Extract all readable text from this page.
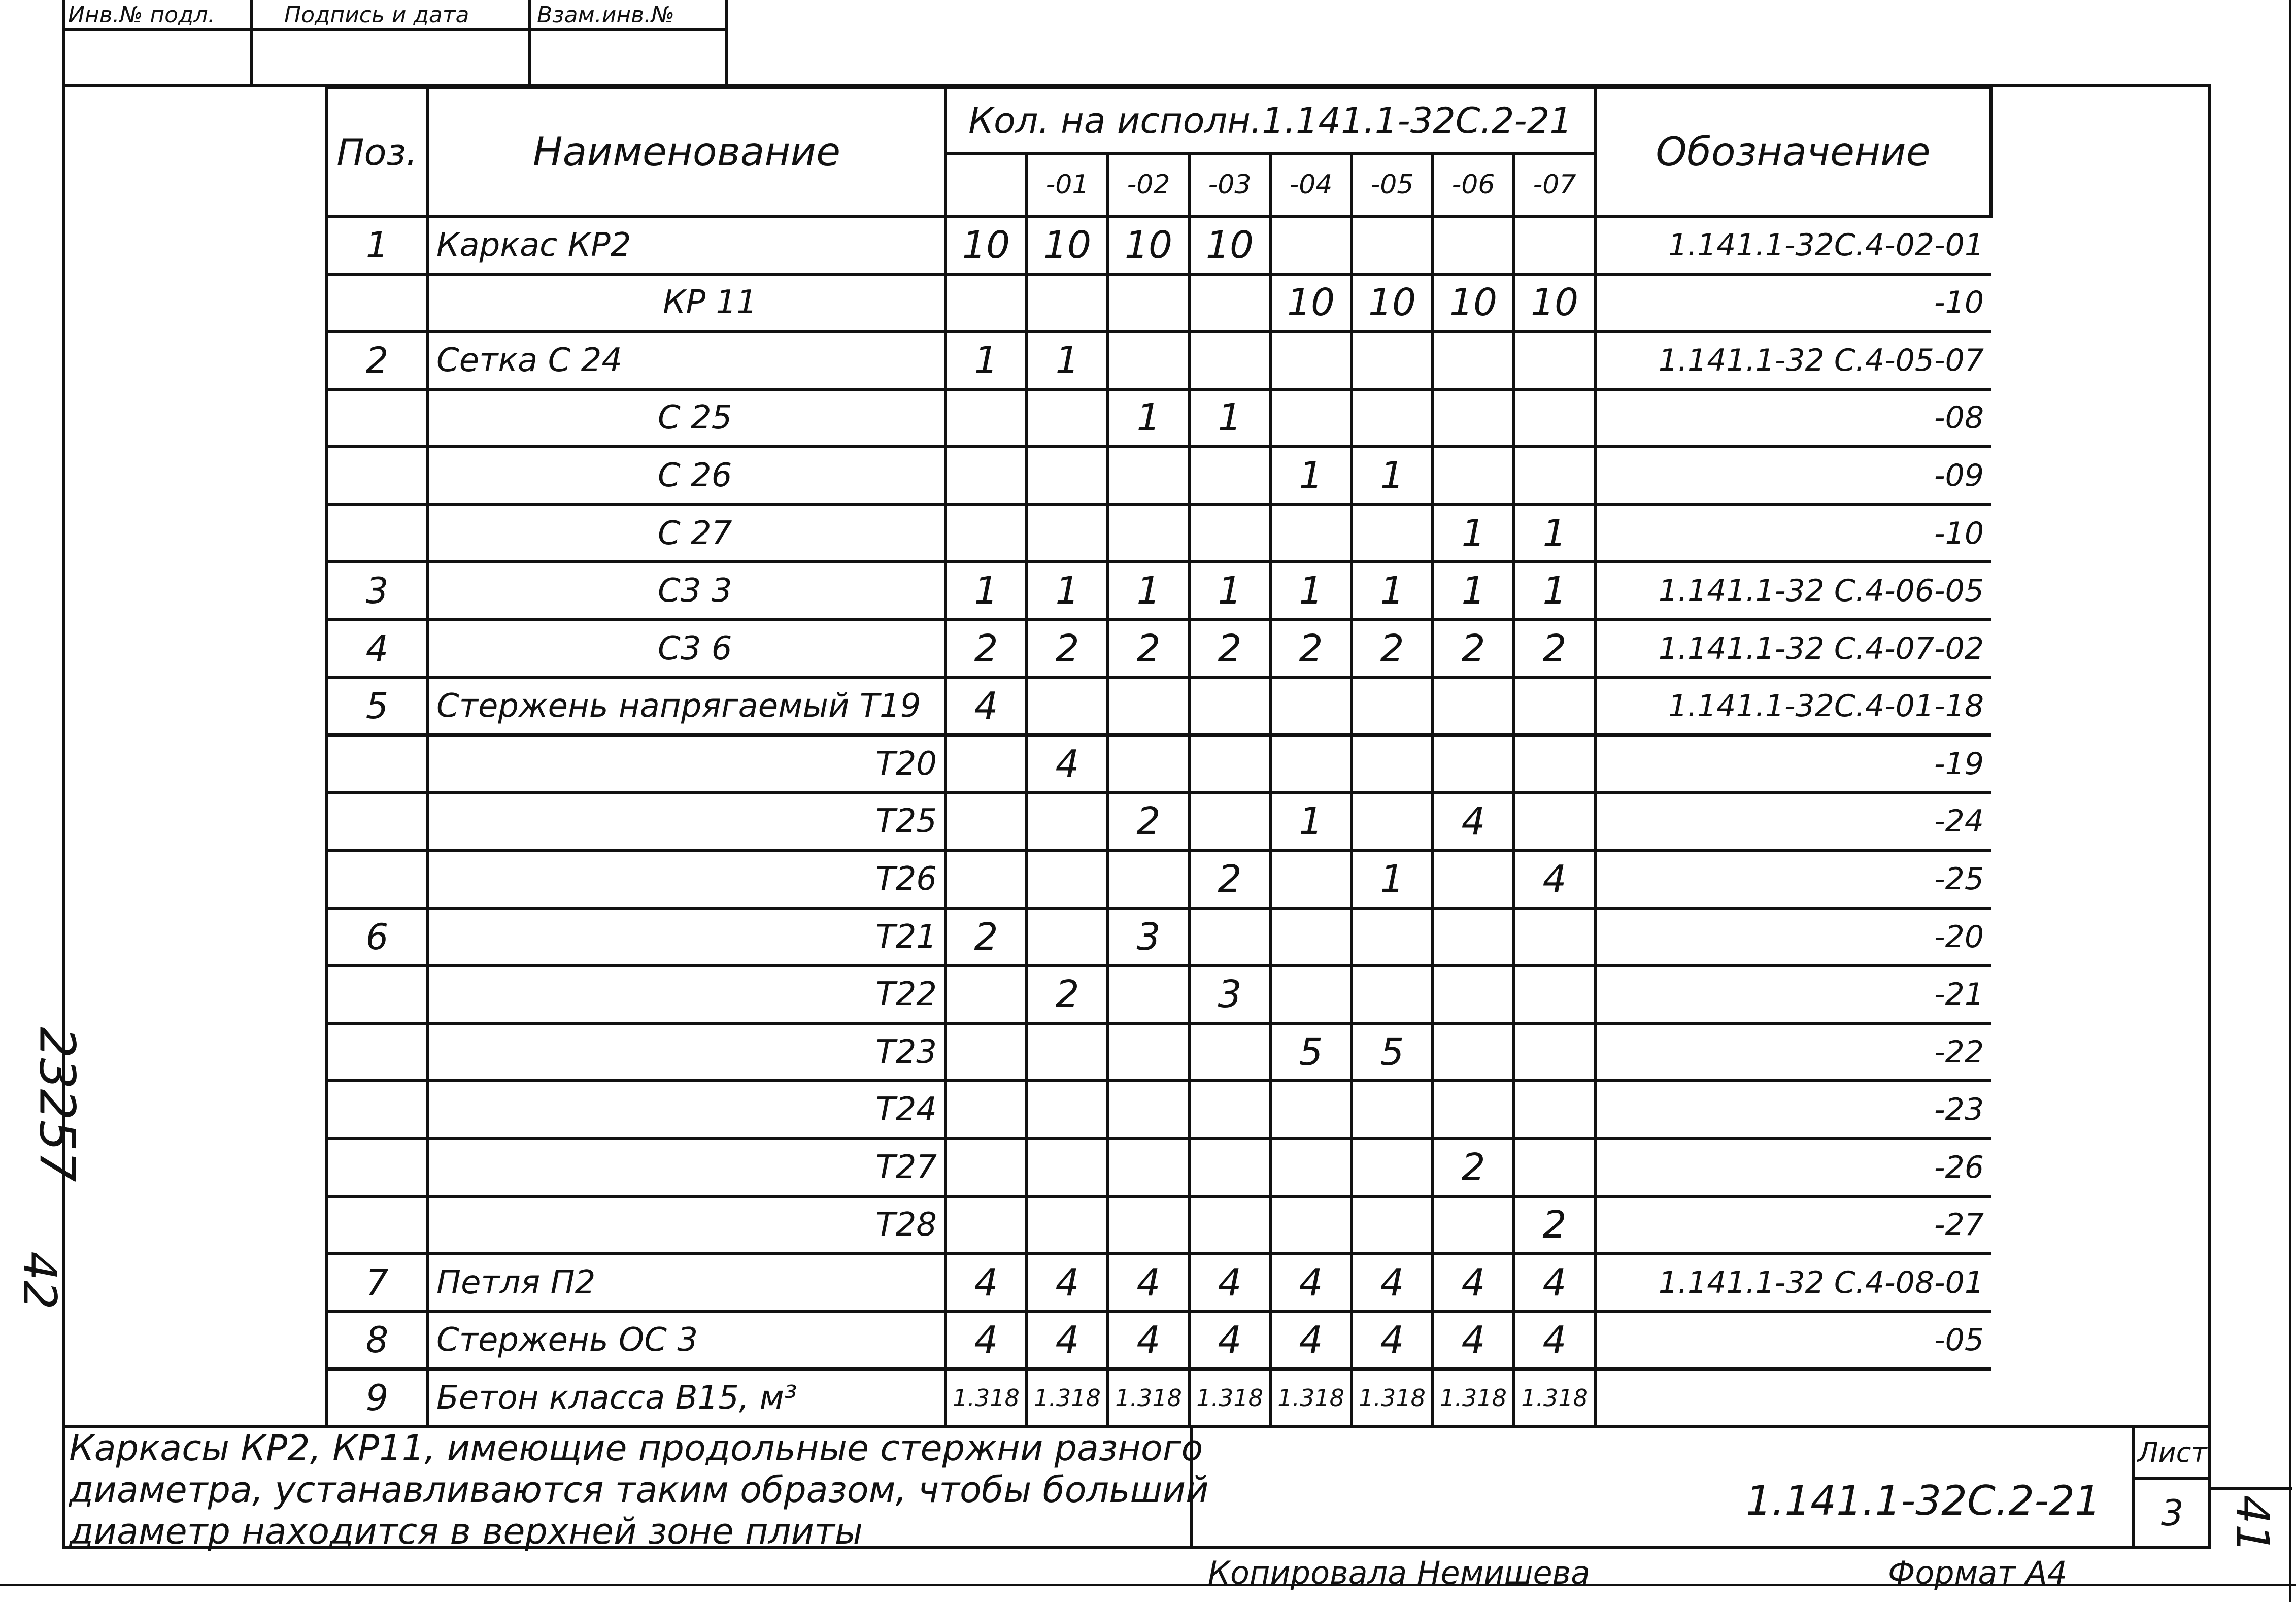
Инв.№ подл.	Подпись и дата	Взам.инв.№
23257
42
Поз.	Наименование	Кол. на исполн.1.141.1-32С.2-21								Обозначение
			-01	-02	-03	-04	-05	-06	-07	
1	Каркас КР2	10	10	10	10					1.141.1-32С.4-02-01
	КР 11					10	10	10	10	-10
2	Сетка С 24	1	1							1.141.1-32 С.4-05-07
	С 25			1	1					-08
	С 26					1	1			-09
	С 27							1	1	-10
3	С3 3	1	1	1	1	1	1	1	1	1.141.1-32 С.4-06-05
4	С3 6	2	2	2	2	2	2	2	2	1.141.1-32 С.4-07-02
5	Стержень напрягаемый Т19	4								1.141.1-32С.4-01-18
	Т20		4							-19
	Т25			2		1		4		-24
	Т26				2		1		4	-25
6	Т21	2		3						-20
	Т22		2		3					-21
	Т23					5	5			-22
	Т24									-23
	Т27							2		-26
	Т28								2	-27
7	Петля П2	4	4	4	4	4	4	4	4	1.141.1-32 С.4-08-01
8	Стержень ОС 3	4	4	4	4	4	4	4	4	-05
9	Бетон класса В15, м³	1.318	1.318	1.318	1.318	1.318	1.318	1.318	1.318	
Каркасы КР2, КР11, имеющие продольные стержни разного
диаметра, устанавливаются таким образом, чтобы больший
диаметр находится в верхней зоне плиты
1.141.1-32С.2-21
Лист
3 41
Копировала Немишева	Формат А4
